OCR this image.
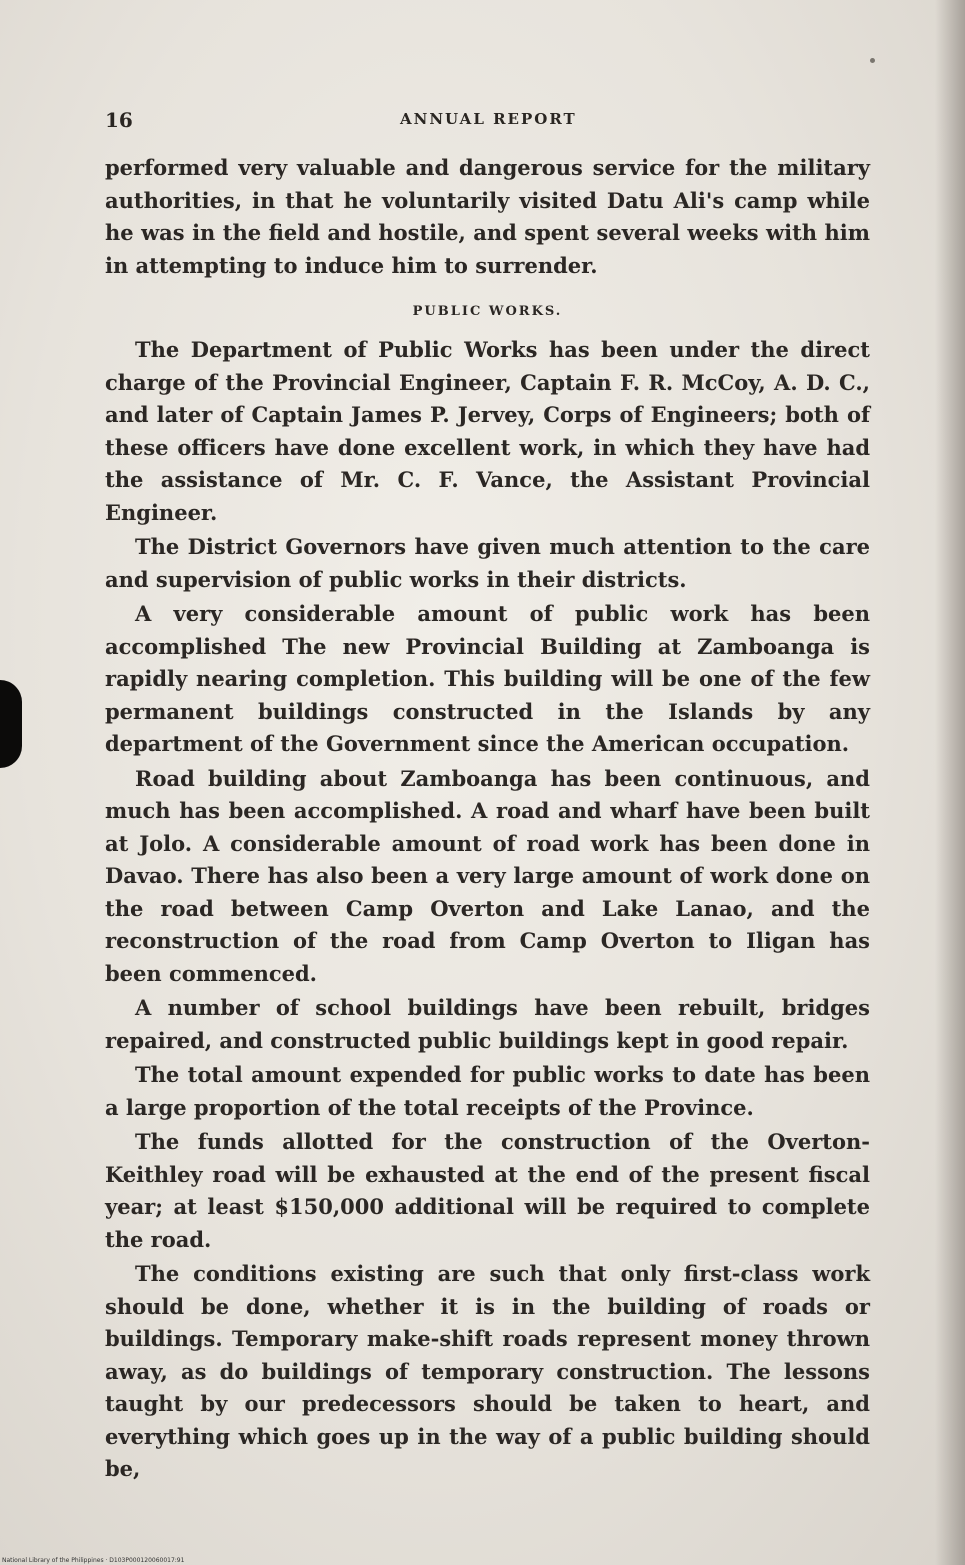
16	ANNUAL REPORT

performed very valuable and dangerous service for the military authorities, in that he voluntarily visited Datu Ali's camp while he was in the field and hostile, and spent several weeks with him in attempting to induce him to surrender.

PUBLIC WORKS.

The Department of Public Works has been under the direct charge of the Provincial Engineer, Captain F. R. McCoy, A. D. C., and later of Captain James P. Jervey, Corps of Engineers; both of these officers have done excellent work, in which they have had the assistance of Mr. C. F. Vance, the Assistant Provincial Engineer.

The District Governors have given much attention to the care and supervision of public works in their districts.

A very considerable amount of public work has been accomplished The new Provincial Building at Zamboanga is rapidly nearing completion. This building will be one of the few permanent buildings constructed in the Islands by any department of the Government since the American occupation.

Road building about Zamboanga has been continuous, and much has been accomplished. A road and wharf have been built at Jolo. A considerable amount of road work has been done in Davao. There has also been a very large amount of work done on the road between Camp Overton and Lake Lanao, and the reconstruction of the road from Camp Overton to Iligan has been commenced.

A number of school buildings have been rebuilt, bridges repaired, and constructed public buildings kept in good repair.

The total amount expended for public works to date has been a large proportion of the total receipts of the Province.

The funds allotted for the construction of the Overton-Keithley road will be exhausted at the end of the present fiscal year; at least $150,000 additional will be required to complete the road.

The conditions existing are such that only first-class work should be done, whether it is in the building of roads or buildings. Temporary make-shift roads represent money thrown away, as do buildings of temporary construction. The lessons taught by our predecessors should be taken to heart, and everything which goes up in the way of a public building should be,

National Library of the Philippines · D103P000120060017:91
